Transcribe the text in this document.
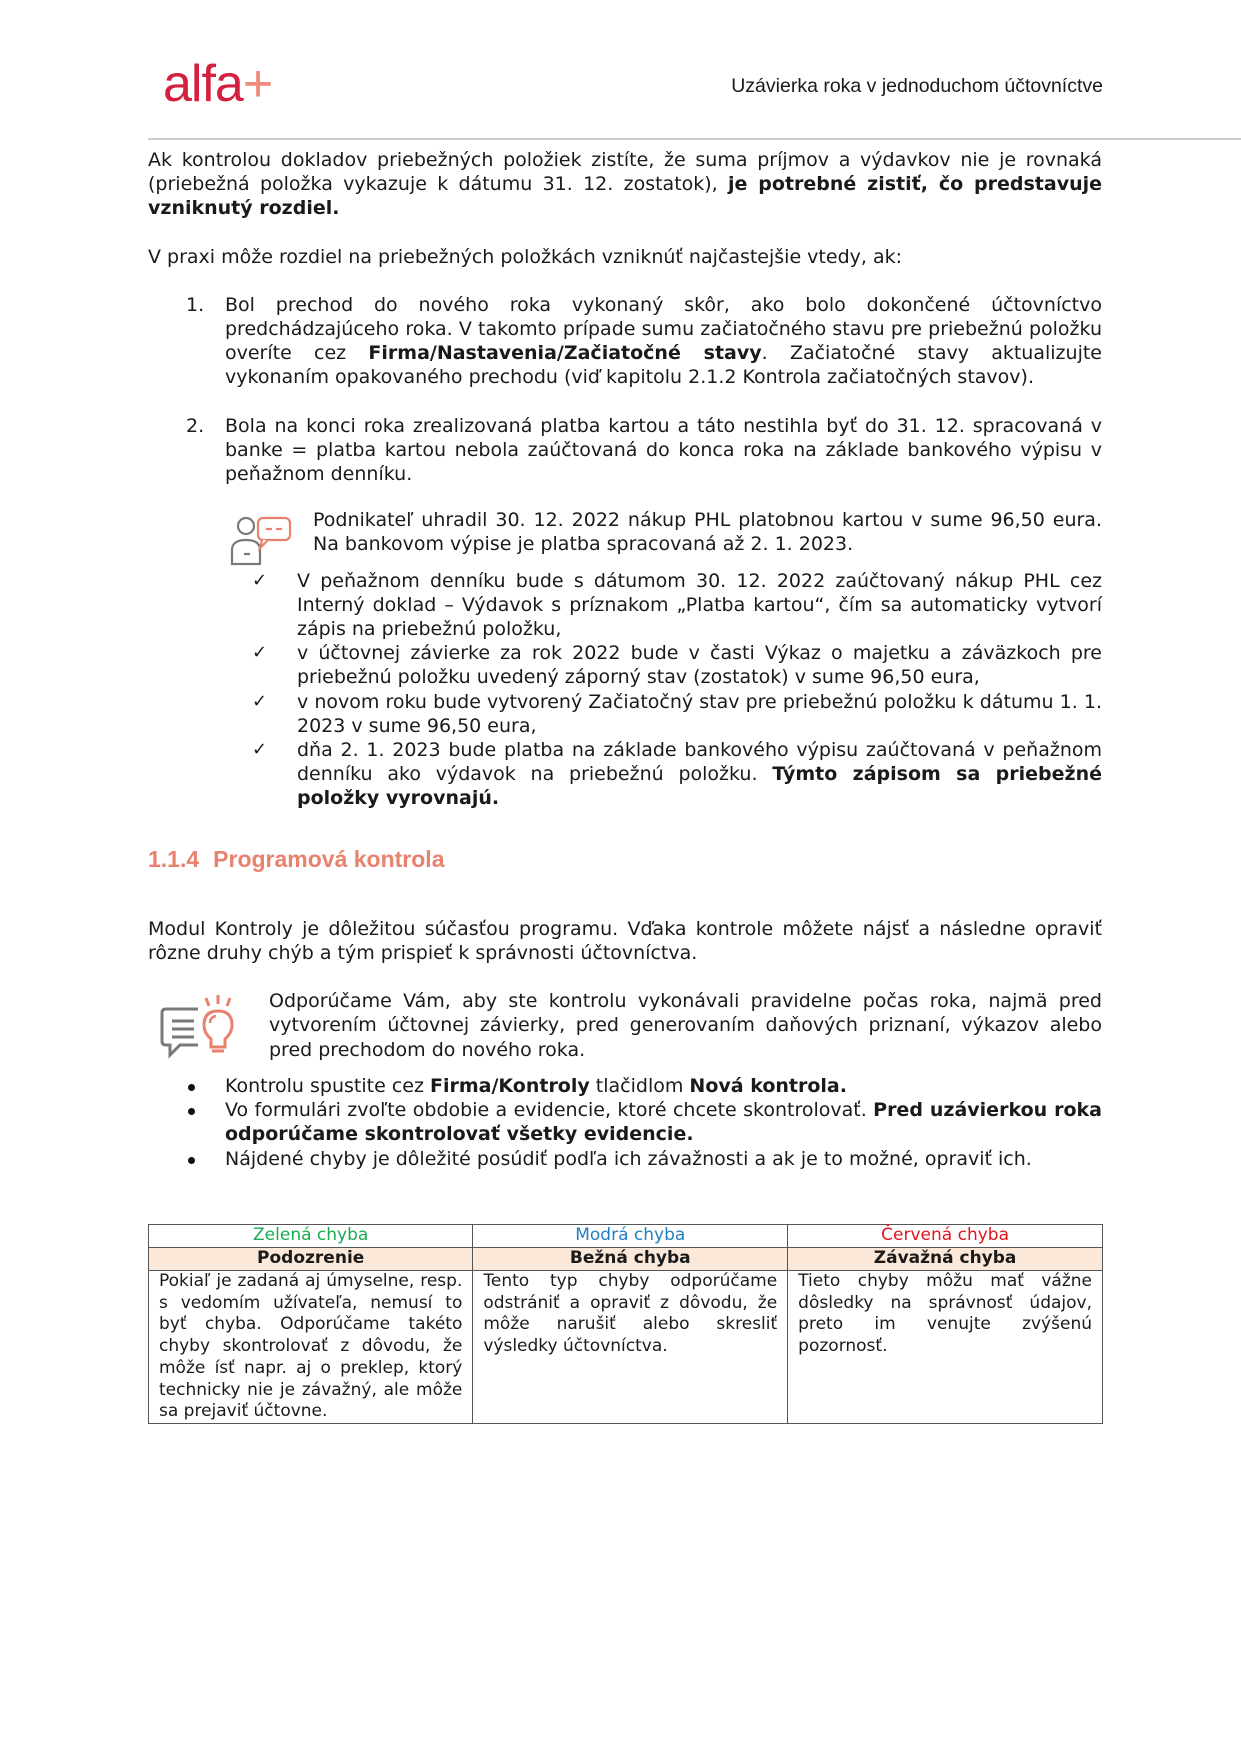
alfa+	Uzávierka roka v jednoduchom účtovníctve

Ak kontrolou dokladov priebežných položiek zistíte, že suma príjmov a výdavkov nie je rovnaká (priebežná položka vykazuje k dátumu 31. 12. zostatok), je potrebné zistiť, čo predstavuje vzniknutý rozdiel.

V praxi môže rozdiel na priebežných položkách vzniknúť najčastejšie vtedy, ak:

1. Bol prechod do nového roka vykonaný skôr, ako bolo dokončené účtovníctvo predchádzajúceho roka. V takomto prípade sumu začiatočného stavu pre priebežnú položku overíte cez Firma/Nastavenia/Začiatočné stavy. Začiatočné stavy aktualizujte vykonaním opakovaného prechodu (viď kapitolu 2.1.2 Kontrola začiatočných stavov).
2. Bola na konci roka zrealizovaná platba kartou a táto nestihla byť do 31. 12. spracovaná v banke = platba kartou nebola zaúčtovaná do konca roka na základe bankového výpisu v peňažnom denníku.
Podnikateľ uhradil 30. 12. 2022 nákup PHL platobnou kartou v sume 96,50 eura. Na bankovom výpise je platba spracovaná až 2. 1. 2023.
✓ V peňažnom denníku bude s dátumom 30. 12. 2022 zaúčtovaný nákup PHL cez Interný doklad – Výdavok s príznakom „Platba kartou“, čím sa automaticky vytvorí zápis na priebežnú položku,
✓ v účtovnej závierke za rok 2022 bude v časti Výkaz o majetku a záväzkoch pre priebežnú položku uvedený záporný stav (zostatok) v sume 96,50 eura,
✓ v novom roku bude vytvorený Začiatočný stav pre priebežnú položku k dátumu 1. 1. 2023 v sume 96,50 eura,
✓ dňa 2. 1. 2023 bude platba na základe bankového výpisu zaúčtovaná v peňažnom denníku ako výdavok na priebežnú položku. Týmto zápisom sa priebežné položky vyrovnajú.
1.1.4 Programová kontrola

Modul Kontroly je dôležitou súčasťou programu. Vďaka kontrole môžete nájsť a následne opraviť rôzne druhy chýb a tým prispieť k správnosti účtovníctva.

Odporúčame Vám, aby ste kontrolu vykonávali pravidelne počas roka, najmä pred vytvorením účtovnej závierky, pred generovaním daňových priznaní, výkazov alebo pred prechodom do nového roka.
Kontrolu spustite cez Firma/Kontroly tlačidlom Nová kontrola.
Vo formulári zvoľte obdobie a evidencie, ktoré chcete skontrolovať. Pred uzávierkou roka odporúčame skontrolovať všetky evidencie.
Nájdené chyby je dôležité posúdiť podľa ich závažnosti a ak je to možné, opraviť ich.
Zelená chyba	Modrá chyba	Červená chyba
Podozrenie	Bežná chyba	Závažná chyba
Pokiaľ je zadaná aj úmyselne, resp. s vedomím užívateľa, nemusí to byť chyba. Odporúčame takéto chyby skontrolovať z dôvodu, že môže ísť napr. aj o preklep, ktorý technicky nie je závažný, ale môže sa prejaviť účtovne.	Tento typ chyby odporúčame odstrániť a opraviť z dôvodu, že môže narušiť alebo skresliť výsledky účtovníctva.	Tieto chyby môžu mať vážne dôsledky na správnosť údajov, preto im venujte zvýšenú pozornosť.
